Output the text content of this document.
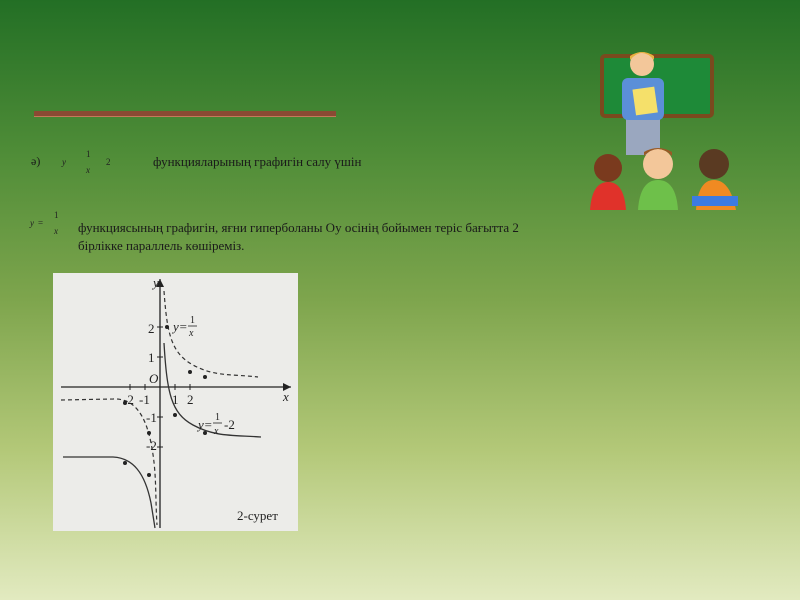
ә) y
1
x
2	функцияларының графигін салу үшін
y =
1
x функциясының графигін, яғни гиперболаны Оу осінің бойымен теріс бағытта 2 бірлікке параллель көшіреміз.
x
y
O
-2 -1 1 2
2
1
-1
-2
y= 1
x
y= 1
x -2
2-сурет
